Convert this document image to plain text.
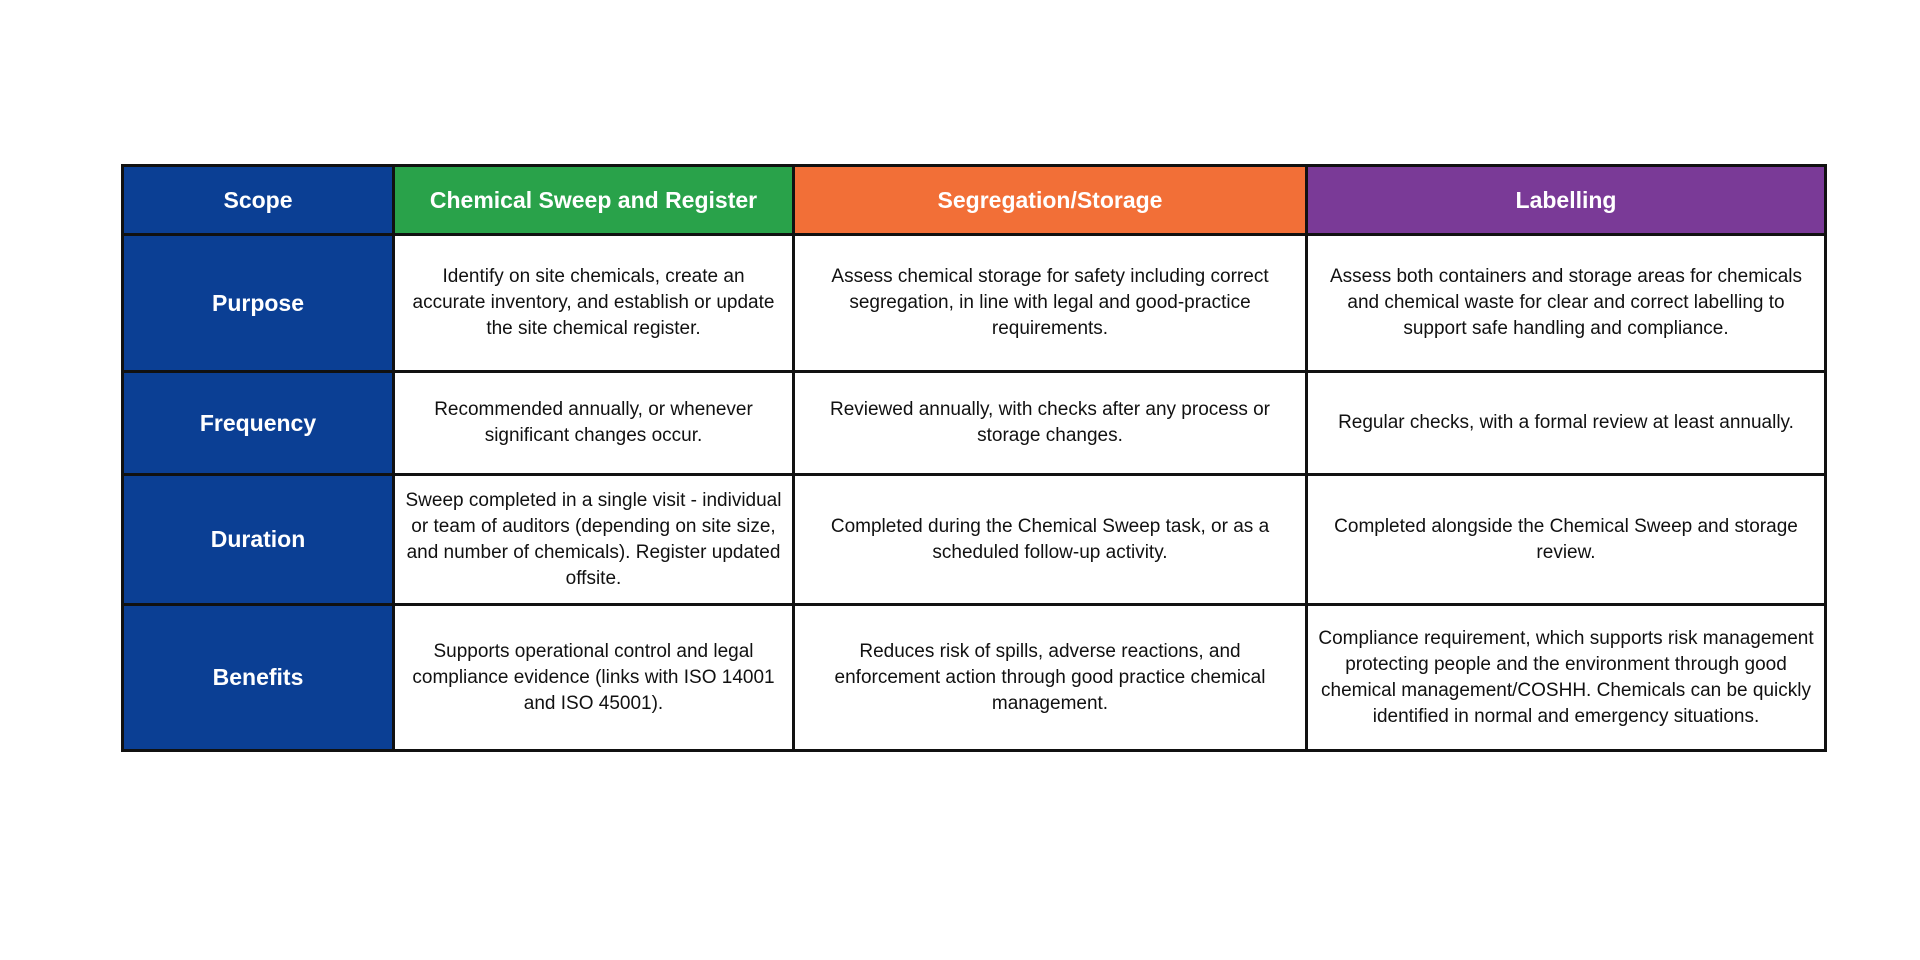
Scope	Chemical Sweep and Register	Segregation/Storage	Labelling
Purpose	Identify on site chemicals, create an accurate inventory, and establish or update the site chemical register.	Assess chemical storage for safety including correct segregation, in line with legal and good-practice requirements.	Assess both containers and storage areas for chemicals and chemical waste for clear and correct labelling to support safe handling and compliance.
Frequency	Recommended annually, or whenever significant changes occur.	Reviewed annually, with checks after any process or storage changes.	Regular checks, with a formal review at least annually.
Duration	Sweep completed in a single visit - individual or team of auditors (depending on site size, and number of chemicals). Register updated offsite.	Completed during the Chemical Sweep task, or as a scheduled follow-up activity.	Completed alongside the Chemical Sweep and storage review.
Benefits	Supports operational control and legal compliance evidence (links with ISO 14001 and ISO 45001).	Reduces risk of spills, adverse reactions, and enforcement action through good practice chemical management.	Compliance requirement, which supports risk management protecting people and the environment through good chemical management/COSHH. Chemicals can be quickly identified in normal and emergency situations.
